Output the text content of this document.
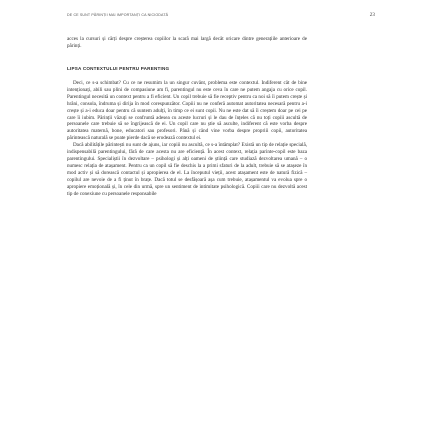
DE CE SUNT PĂRINȚII MAI IMPORTANȚI CA NICIODATĂ	23

acces la cursuri și cărți despre creșterea copiilor la scară mai largă decât oricare dintre generațiile anterioare de părinți.

LIPSA CONTEXTULUI PENTRU PARENTING

Deci, ce s-a schimbat? Cu ce ne resumim la un singur cuvânt, problema este contextul. Indiferent cât de bine intenționați, abili sau plini de compasiune am fi, parentingul nu este ceva în care ne putem angaja cu orice copil. Parentingul necesită un context pentru a fi eficient. Un copil trebuie să fie receptiv pentru ca noi să îi putem crește și hrăni, consola, îndruma și dirija în mod corespunzător. Copiii nu ne conferă automat autoritatea necesară pentru a-i crește și a-i educa doar pentru că suntem adulți, în timp ce ei sunt copii. Nu ne este dat să îi creștem doar pe cei pe care îi iubim. Părinții văzuți se confruntă adesea cu aceste lucruri și le dau de înțeles că nu toți copiii ascultă de persoanele care trebuie să se îngrijească de ei. Un copil care nu știe să asculte, indiferent că este vorba despre autoritatea maternă, bone, educatori sau profesori. Până și când vine vorba despre propriii copii, autoritatea părintească naturală se poate pierde dacă se erodează contextul ei.

Dacă abilitățile părintești nu sunt de ajuns, iar copiii nu ascultă, ce s-a întâmplat? Există un tip de relație specială, indispensabilă parentingului, fără de care acesta nu are eficiență. În acest context, relația parinte-copil este baza parentingului. Specialiștii în dezvoltare – psihologi și alți oameni de știință care studiază dezvoltarea umană – o numesc relația de atașament. Pentru ca un copil să fie deschis la a primi sfaturi de la adult, trebuie să se atașeze în mod activ și să dorească contactul și apropierea de el. La începutul vieții, acest atașament este de natură fizică – copilul are nevoie de a fi ținut în brațe. Dacă totul se desfășoară așa cum trebuie, atașamentul va evolua spre o apropiere emoțională și, în cele din urmă, spre un sentiment de intimitate psihologică. Copiii care nu dezvoltă acest tip de conexiune cu persoanele responsabile
